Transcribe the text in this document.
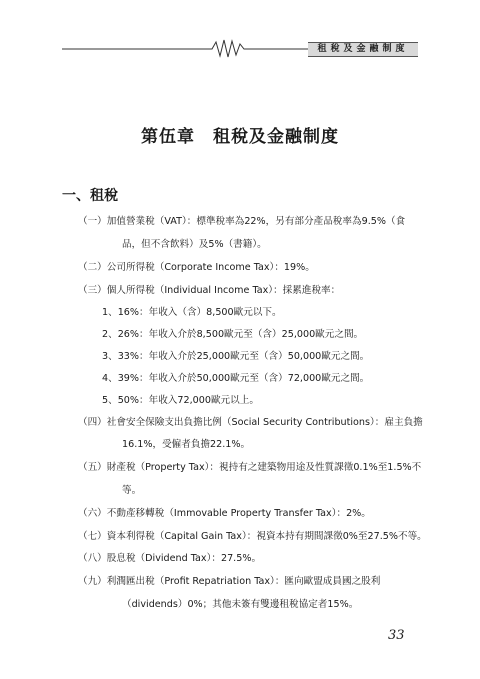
租稅及金融制度
第伍章 租稅及金融制度
一、租稅
（一）加值營業稅（VAT）：標準稅率為22%，另有部分產品稅率為9.5%（食
品，但不含飲料）及5%（書籍）。
（二）公司所得稅（Corporate Income Tax）：19%。
（三）個人所得稅（Individual Income Tax）：採累進稅率：
1、16%：年收入（含）8,500歐元以下。
2、26%：年收入介於8,500歐元至（含）25,000歐元之間。
3、33%：年收入介於25,000歐元至（含）50,000歐元之間。
4、39%：年收入介於50,000歐元至（含）72,000歐元之間。
5、50%：年收入72,000歐元以上。
（四）社會安全保險支出負擔比例（Social Security Contributions）：雇主負擔
16.1%，受僱者負擔22.1%。
（五）財產稅（Property Tax）：視持有之建築物用途及性質課徵0.1%至1.5%不
等。
（六）不動產移轉稅（Immovable Property Transfer Tax）：2%。
（七）資本利得稅（Capital Gain Tax）：視資本持有期間課徵0%至27.5%不等。
（八）股息稅（Dividend Tax）：27.5%。
（九）利潤匯出稅（Profit Repatriation Tax）：匯向歐盟成員國之股利
（dividends）0%；其他未簽有雙邊租稅協定者15%。
33
